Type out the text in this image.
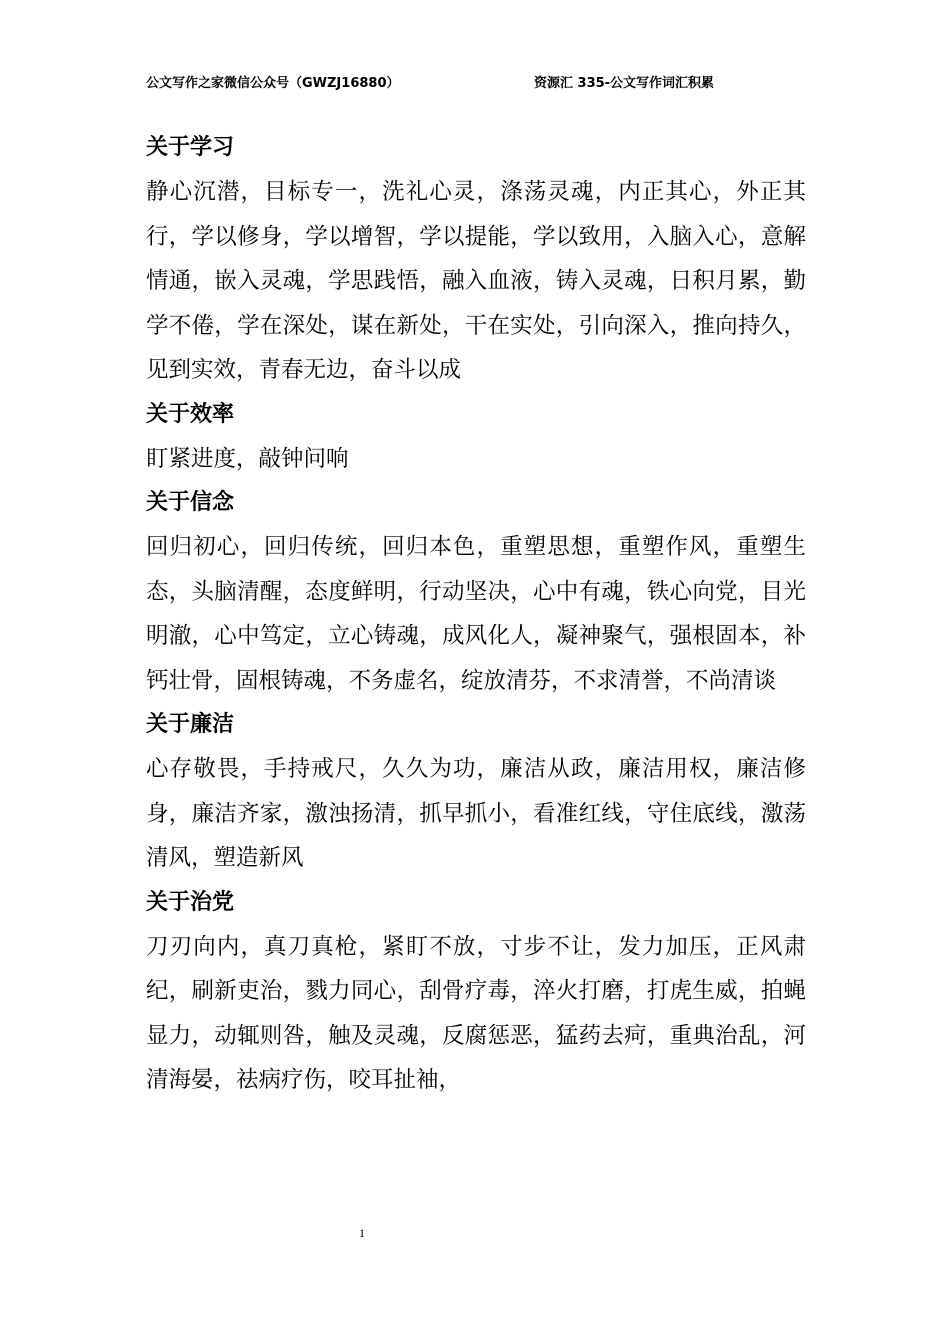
公文写作之家微信公众号（GWZJ16880）	资源汇 335-公文写作词汇积累

关于学习

静心沉潜，目标专一，洗礼心灵，涤荡灵魂，内正其心，外正其行，学以修身，学以增智，学以提能，学以致用，入脑入心，意解情通，嵌入灵魂，学思践悟，融入血液，铸入灵魂，日积月累，勤学不倦，学在深处，谋在新处，干在实处，引向深入，推向持久，见到实效，青春无边，奋斗以成

关于效率

盯紧进度，敲钟问响

关于信念

回归初心，回归传统，回归本色，重塑思想，重塑作风，重塑生态，头脑清醒，态度鲜明，行动坚决，心中有魂，铁心向党，目光明澈，心中笃定，立心铸魂，成风化人，凝神聚气，强根固本，补钙壮骨，固根铸魂，不务虚名，绽放清芬，不求清誉，不尚清谈

关于廉洁

心存敬畏，手持戒尺，久久为功，廉洁从政，廉洁用权，廉洁修身，廉洁齐家，激浊扬清，抓早抓小，看准红线，守住底线，激荡清风，塑造新风

关于治党

刀刃向内，真刀真枪，紧盯不放，寸步不让，发力加压，正风肃纪，刷新吏治，戮力同心，刮骨疗毒，淬火打磨，打虎生威，拍蝇显力，动辄则咎，触及灵魂，反腐惩恶，猛药去疴，重典治乱，河清海晏，祛病疗伤，咬耳扯袖，

1
